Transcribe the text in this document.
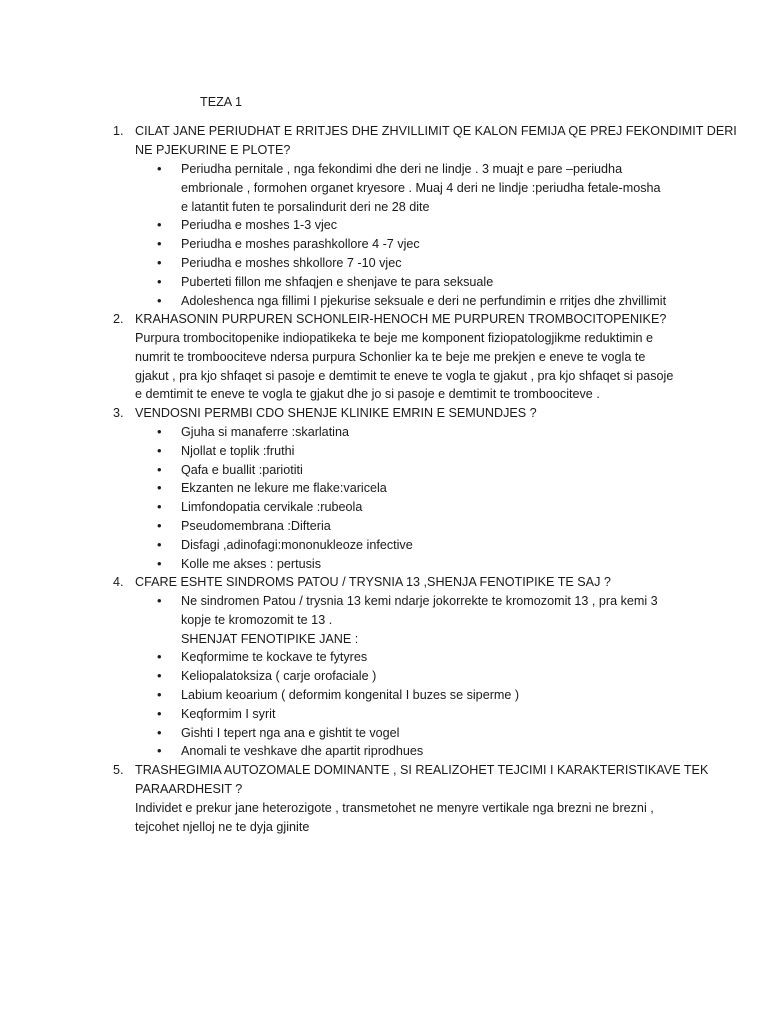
TEZA 1
1. CILAT JANE PERIUDHAT E RRITJES DHE ZHVILLIMIT QE KALON FEMIJA QE PREJ FEKONDIMIT DERI
NE PJEKURINE E PLOTE?
• Periudha pernitale , nga fekondimi dhe deri ne lindje . 3 muajt e pare –periudha
embrionale , formohen organet kryesore . Muaj 4 deri ne lindje :periudha fetale-mosha
e latantit futen te porsalindurit deri ne 28 dite
• Periudha e moshes 1-3 vjec
• Periudha e moshes parashkollore 4 -7 vjec
• Periudha e moshes shkollore 7 -10 vjec
• Puberteti fillon me shfaqjen e shenjave te para seksuale
• Adoleshenca nga fillimi I pjekurise seksuale e deri ne perfundimin e rritjes dhe zhvillimit
2. KRAHASONIN PURPUREN SCHONLEIR-HENOCH ME PURPUREN TROMBOCITOPENIKE?
Purpura trombocitopenike indiopatikeka te beje me komponent fiziopatologjikme reduktimin e
numrit te tromboociteve ndersa purpura Schonlier ka te beje me prekjen e eneve te vogla te
gjakut , pra kjo shfaqet si pasoje e demtimit te eneve te vogla te gjakut , pra kjo shfaqet si pasoje
e demtimit te eneve te vogla te gjakut dhe jo si pasoje e demtimit te tromboociteve .
3. VENDOSNI PERMBI CDO SHENJE KLINIKE EMRIN E SEMUNDJES ?
• Gjuha si manaferre :skarlatina
• Njollat e toplik :fruthi
• Qafa e buallit :pariotiti
• Ekzanten ne lekure me flake:varicela
• Limfondopatia cervikale :rubeola
• Pseudomembrana :Difteria
• Disfagi ,adinofagi:mononukleoze infective
• Kolle me akses : pertusis
4. CFARE ESHTE SINDROMS PATOU / TRYSNIA 13 ,SHENJA FENOTIPIKE TE SAJ ?
• Ne sindromen Patou / trysnia 13 kemi ndarje jokorrekte te kromozomit 13 , pra kemi 3
kopje te kromozomit te 13 .
SHENJAT FENOTIPIKE JANE :
• Keqformime te kockave te fytyres
• Keliopalatoksiza ( carje orofaciale )
• Labium keoarium ( deformim kongenital I buzes se siperme )
• Keqformim I syrit
• Gishti I tepert nga ana e gishtit te vogel
• Anomali te veshkave dhe apartit riprodhues
5. TRASHEGIMIA AUTOZOMALE DOMINANTE , SI REALIZOHET TEJCIMI I KARAKTERISTIKAVE TEK
PARAARDHESIT ?
Individet e prekur jane heterozigote , transmetohet ne menyre vertikale nga brezni ne brezni ,
tejcohet njelloj ne te dyja gjinite
